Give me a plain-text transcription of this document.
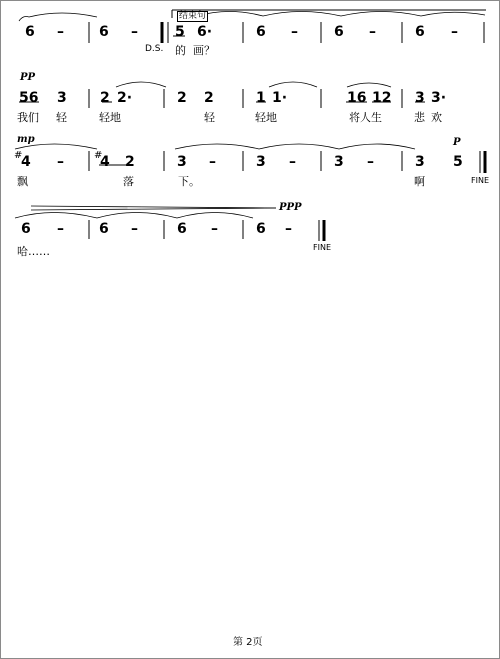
结束句
6 –	6 –	5 6·	6 –	6 –	6 –
D.S. 的 画？
PP
56 3 2 2·	2 2	1 1·	16 12 3 3·
我们 轻	轻地	轻	轻地	将人生	悲 欢
mp	P
#	#
4 –	4 2	3 –	3 –	3 –	3 5
飘	落	下。	啊	FINE
PPP
6 –	6 –	6 –	6 –
哈……	FINE
第 2页
